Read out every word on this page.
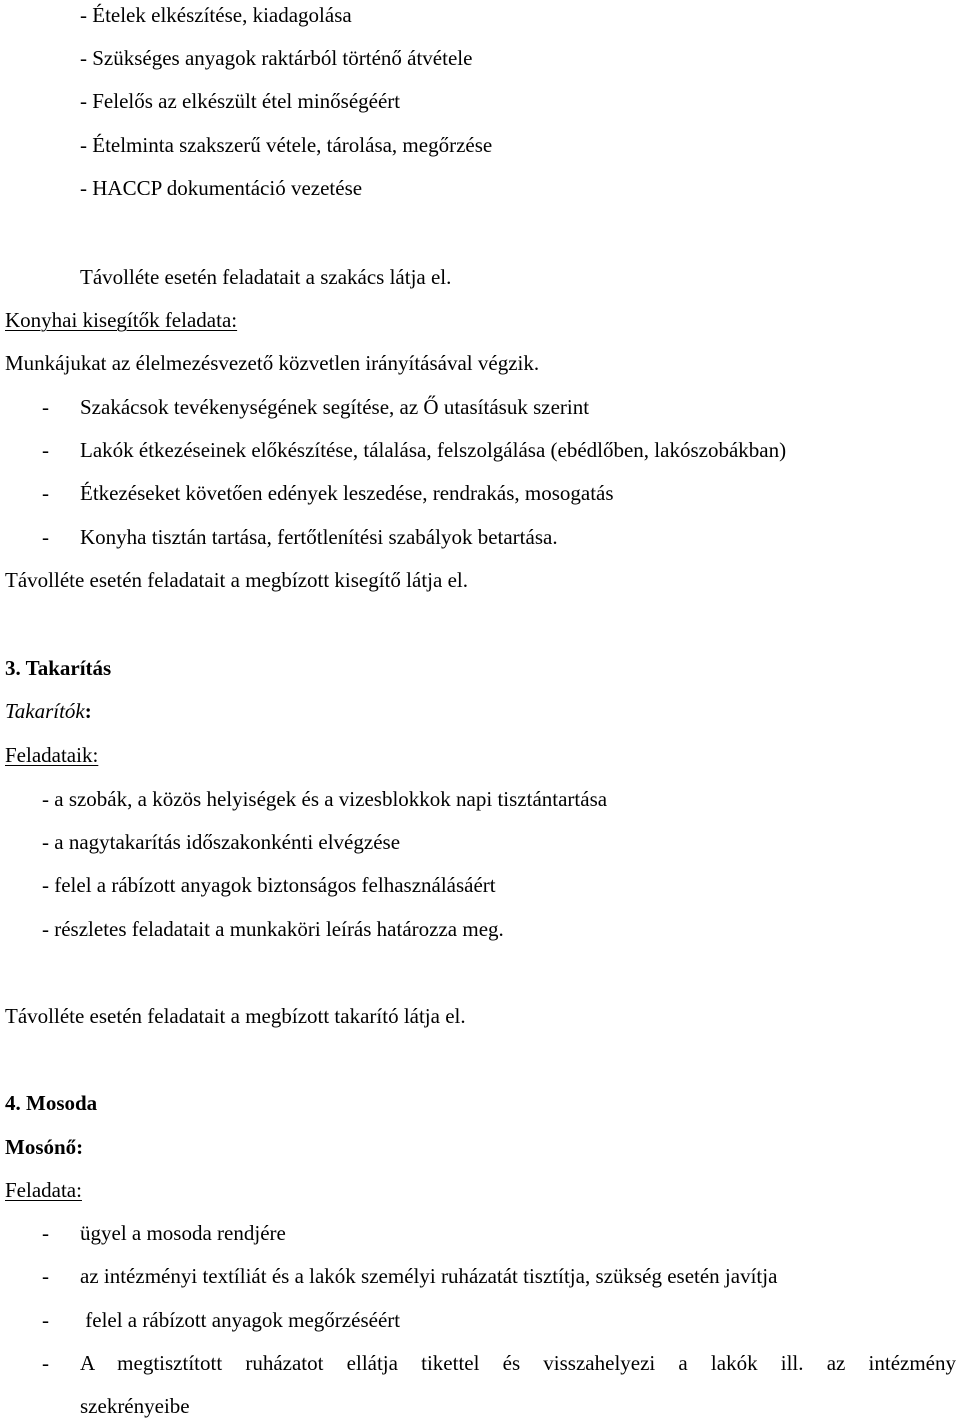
- Ételek elkészítése, kiadagolása
- Szükséges anyagok raktárból történő átvétele
- Felelős az elkészült étel minőségéért
- Ételminta szakszerű vétele, tárolása, megőrzése
- HACCP dokumentáció vezetése
Távolléte esetén feladatait a szakács látja el.
Konyhai kisegítők feladata:
Munkájukat az élelmezésvezető közvetlen irányításával végzik.
- Szakácsok tevékenységének segítése, az Ő utasításuk szerint
- Lakók étkezéseinek előkészítése, tálalása, felszolgálása (ebédlőben, lakószobákban)
- Étkezéseket követően edények leszedése, rendrakás, mosogatás
- Konyha tisztán tartása, fertőtlenítési szabályok betartása.
Távolléte esetén feladatait a megbízott kisegítő látja el.
3. Takarítás
Takarítók:
Feladataik:
- a szobák, a közös helyiségek és a vizesblokkok napi tisztántartása
- a nagytakarítás időszakonkénti elvégzése
- felel a rábízott anyagok biztonságos felhasználásáért
- részletes feladatait a munkaköri leírás határozza meg.
Távolléte esetén feladatait a megbízott takarító látja el.
4. Mosoda
Mosónő:
Feladata:
- ügyel a mosoda rendjére
- az intézményi textíliát és a lakók személyi ruházatát tisztítja, szükség esetén javítja
- felel a rábízott anyagok megőrzéséért
- A megtisztított ruházatot ellátja tikettel és visszahelyezi a lakók ill. az intézmény
szekrényeibe
